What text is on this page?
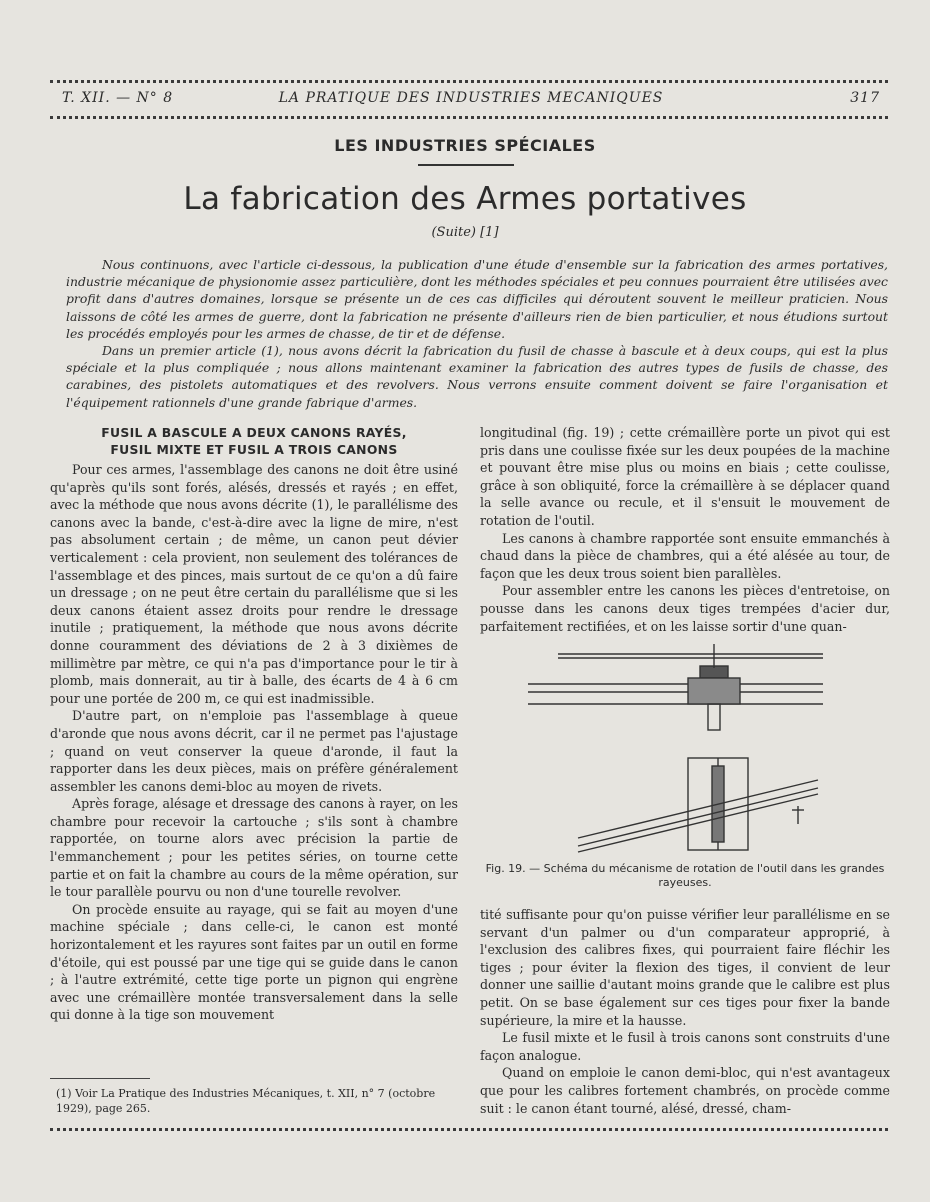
T. XII. — N° 8	LA PRATIQUE DES INDUSTRIES MECANIQUES	317
LES INDUSTRIES SPÉCIALES
La fabrication des Armes portatives
(Suite) [1]

Nous continuons, avec l'article ci-dessous, la publication d'une étude d'ensemble sur la fabrication des armes portatives, industrie mécanique de physionomie assez particulière, dont les méthodes spéciales et peu connues pourraient être utilisées avec profit dans d'autres domaines, lorsque se présente un de ces cas difficiles qui déroutent souvent le meilleur praticien. Nous laissons de côté les armes de guerre, dont la fabrication ne présente d'ailleurs rien de bien particulier, et nous étudions surtout les procédés employés pour les armes de chasse, de tir et de défense.

Dans un premier article (1), nous avons décrit la fabrication du fusil de chasse à bascule et à deux coups, qui est la plus spéciale et la plus compliquée ; nous allons maintenant examiner la fabrication des autres types de fusils de chasse, des carabines, des pistolets automatiques et des revolvers. Nous verrons ensuite comment doivent se faire l'organisation et l'équipement rationnels d'une grande fabrique d'armes.

FUSIL A BASCULE A DEUX CANONS RAYÉS,
FUSIL MIXTE ET FUSIL A TROIS CANONS

Pour ces armes, l'assemblage des canons ne doit être usiné qu'après qu'ils sont forés, alésés, dressés et rayés ; en effet, avec la méthode que nous avons décrite (1), le parallélisme des canons avec la bande, c'est-à-dire avec la ligne de mire, n'est pas absolument certain ; de même, un canon peut dévier verticalement : cela provient, non seulement des tolérances de l'assemblage et des pinces, mais surtout de ce qu'on a dû faire un dressage ; on ne peut être certain du parallélisme que si les deux canons étaient assez droits pour rendre le dressage inutile ; pratiquement, la méthode que nous avons décrite donne couramment des déviations de 2 à 3 dixièmes de millimètre par mètre, ce qui n'a pas d'importance pour le tir à plomb, mais donnerait, au tir à balle, des écarts de 4 à 6 cm pour une portée de 200 m, ce qui est inadmissible.

D'autre part, on n'emploie pas l'assemblage à queue d'aronde que nous avons décrit, car il ne permet pas l'ajustage ; quand on veut conserver la queue d'aronde, il faut la rapporter dans les deux pièces, mais on préfère généralement assembler les canons demi-bloc au moyen de rivets.

Après forage, alésage et dressage des canons à rayer, on les chambre pour recevoir la cartouche ; s'ils sont à chambre rapportée, on tourne alors avec précision la partie de l'emmanchement ; pour les petites séries, on tourne cette partie et on fait la chambre au cours de la même opération, sur le tour parallèle pourvu ou non d'une tourelle revolver.

On procède ensuite au rayage, qui se fait au moyen d'une machine spéciale ; dans celle-ci, le canon est monté horizontalement et les rayures sont faites par un outil en forme d'étoile, qui est poussé par une tige qui se guide dans le canon ; à l'autre extrémité, cette tige porte un pignon qui engrène avec une crémaillère montée transversalement dans la selle qui donne à la tige son mouvement

(1) Voir La Pratique des Industries Mécaniques, t. XII, n° 7 (octobre 1929), page 265.

longitudinal (fig. 19) ; cette crémaillère porte un pivot qui est pris dans une coulisse fixée sur les deux poupées de la machine et pouvant être mise plus ou moins en biais ; cette coulisse, grâce à son obliquité, force la crémaillère à se déplacer quand la selle avance ou recule, et il s'ensuit le mouvement de rotation de l'outil.

Les canons à chambre rapportée sont ensuite emmanchés à chaud dans la pièce de chambres, qui a été alésée au tour, de façon que les deux trous soient bien parallèles.

Pour assembler entre les canons les pièces d'entretoise, on pousse dans les canons deux tiges trempées d'acier dur, parfaitement rectifiées, et on les laisse sortir d'une quan-

Fig. 19. — Schéma du mécanisme de rotation de l'outil dans les grandes rayeuses.

tité suffisante pour qu'on puisse vérifier leur parallélisme en se servant d'un palmer ou d'un comparateur approprié, à l'exclusion des calibres fixes, qui pourraient faire fléchir les tiges ; pour éviter la flexion des tiges, il convient de leur donner une saillie d'autant moins grande que le calibre est plus petit. On se base également sur ces tiges pour fixer la bande supérieure, la mire et la hausse.

Le fusil mixte et le fusil à trois canons sont construits d'une façon analogue.

Quand on emploie le canon demi-bloc, qui n'est avantageux que pour les calibres fortement chambrés, on procède comme suit : le canon étant tourné, alésé, dressé, cham-
